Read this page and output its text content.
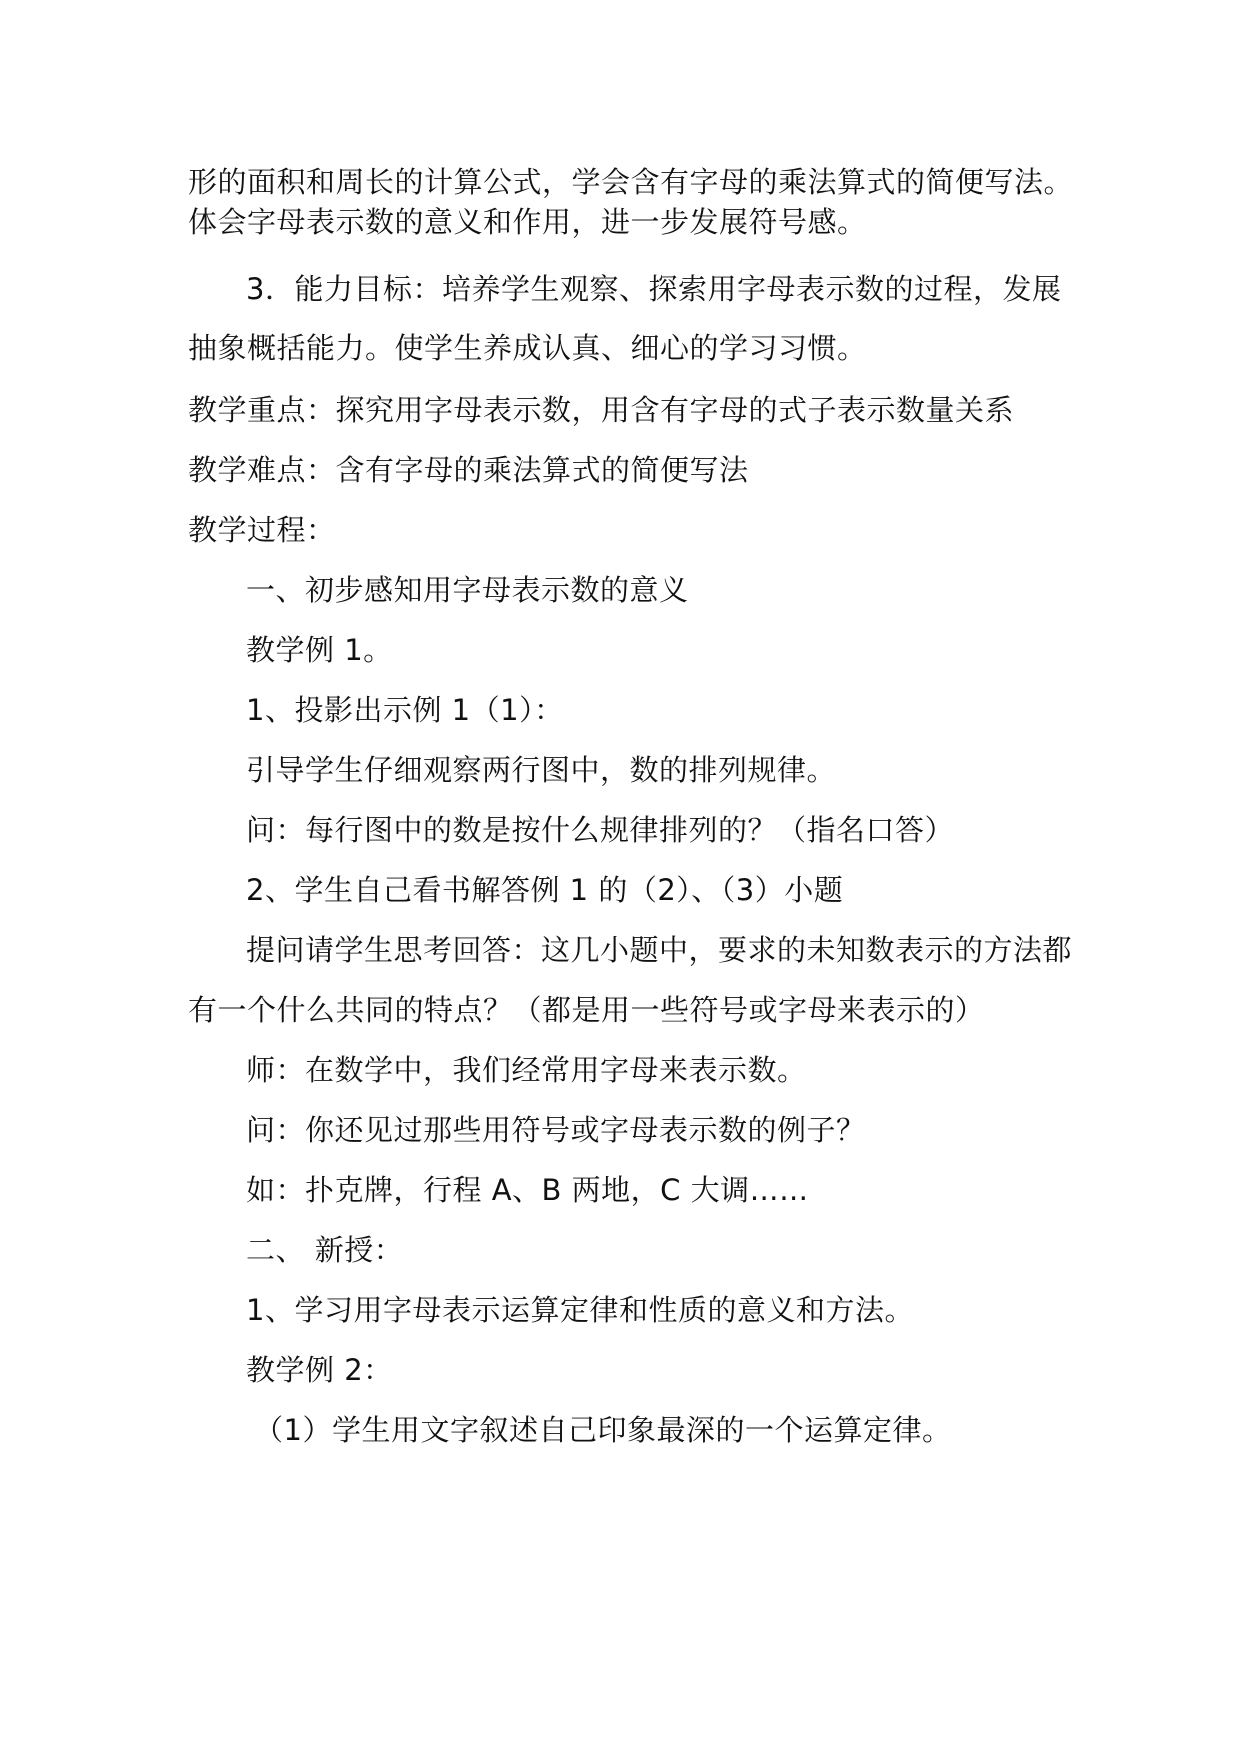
形的面积和周长的计算公式，学会含有字母的乘法算式的简便写法。

体会字母表示数的意义和作用，进一步发展符号感。

3．能力目标：培养学生观察、探索用字母表示数的过程，发展

抽象概括能力。使学生养成认真、细心的学习习惯。

教学重点：探究用字母表示数，用含有字母的式子表示数量关系

教学难点：含有字母的乘法算式的简便写法

教学过程：

一、初步感知用字母表示数的意义

教学例 1。

1、投影出示例 1（1）：

引导学生仔细观察两行图中，数的排列规律。

问：每行图中的数是按什么规律排列的？（指名口答）

2、学生自己看书解答例 1 的（2）、（3）小题

提问请学生思考回答：这几小题中，要求的未知数表示的方法都

有一个什么共同的特点？（都是用一些符号或字母来表示的）

师：在数学中，我们经常用字母来表示数。

问：你还见过那些用符号或字母表示数的例子？

如：扑克牌，行程 A、B 两地，C 大调……

二、 新授：

1、学习用字母表示运算定律和性质的意义和方法。

教学例 2：

（1）学生用文字叙述自己印象最深的一个运算定律。
